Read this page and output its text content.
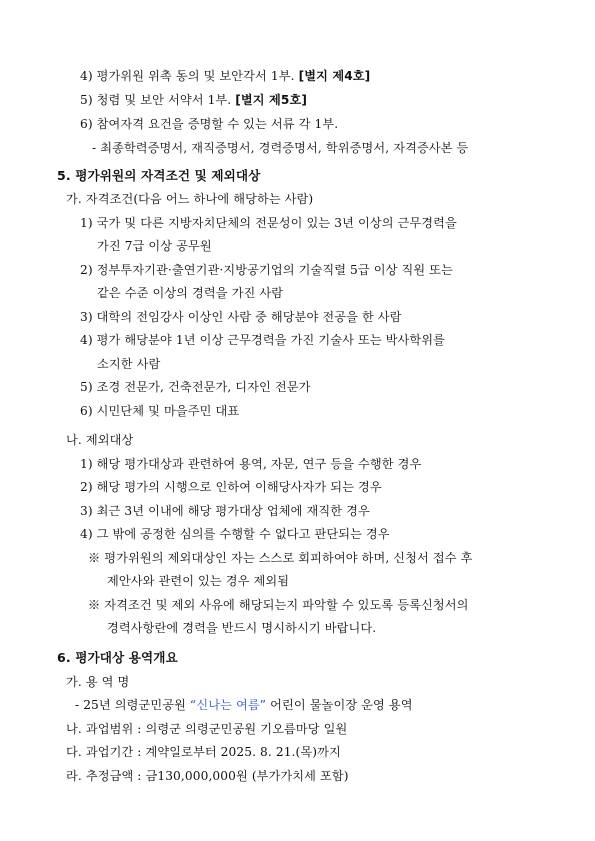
4) 평가위원 위촉 동의 및 보안각서 1부. [별지 제4호]
5) 청렴 및 보안 서약서 1부. [별지 제5호]
6) 참여자격 요건을 증명할 수 있는 서류 각 1부.
- 최종학력증명서, 재직증명서, 경력증명서, 학위증명서, 자격증사본 등
5. 평가위원의 자격조건 및 제외대상
가. 자격조건(다음 어느 하나에 해당하는 사람)
1) 국가 및 다른 지방자치단체의 전문성이 있는 3년 이상의 근무경력을
가진 7급 이상 공무원
2) 정부투자기관·출연기관·지방공기업의 기술직렬 5급 이상 직원 또는
같은 수준 이상의 경력을 가진 사람
3) 대학의 전임강사 이상인 사람 중 해당분야 전공을 한 사람
4) 평가 해당분야 1년 이상 근무경력을 가진 기술사 또는 박사학위를
소지한 사람
5) 조경 전문가, 건축전문가, 디자인 전문가
6) 시민단체 및 마을주민 대표
나. 제외대상
1) 해당 평가대상과 관련하여 용역, 자문, 연구 등을 수행한 경우
2) 해당 평가의 시행으로 인하여 이해당사자가 되는 경우
3) 최근 3년 이내에 해당 평가대상 업체에 재직한 경우
4) 그 밖에 공정한 심의를 수행할 수 없다고 판단되는 경우
※ 평가위원의 제외대상인 자는 스스로 회피하여야 하며, 신청서 접수 후
제안사와 관련이 있는 경우 제외됨
※ 자격조건 및 제외 사유에 해당되는지 파악할 수 있도록 등록신청서의
경력사항란에 경력을 반드시 명시하시기 바랍니다.
6. 평가대상 용역개요
가. 용 역 명
- 25년 의령군민공원 “신나는 여름” 어린이 물놀이장 운영 용역
나. 과업범위 : 의령군 의령군민공원 기오름마당 일원
다. 과업기간 : 계약일로부터 2025. 8. 21.(목)까지
라. 추정금액 : 금130,000,000원 (부가가치세 포함)
